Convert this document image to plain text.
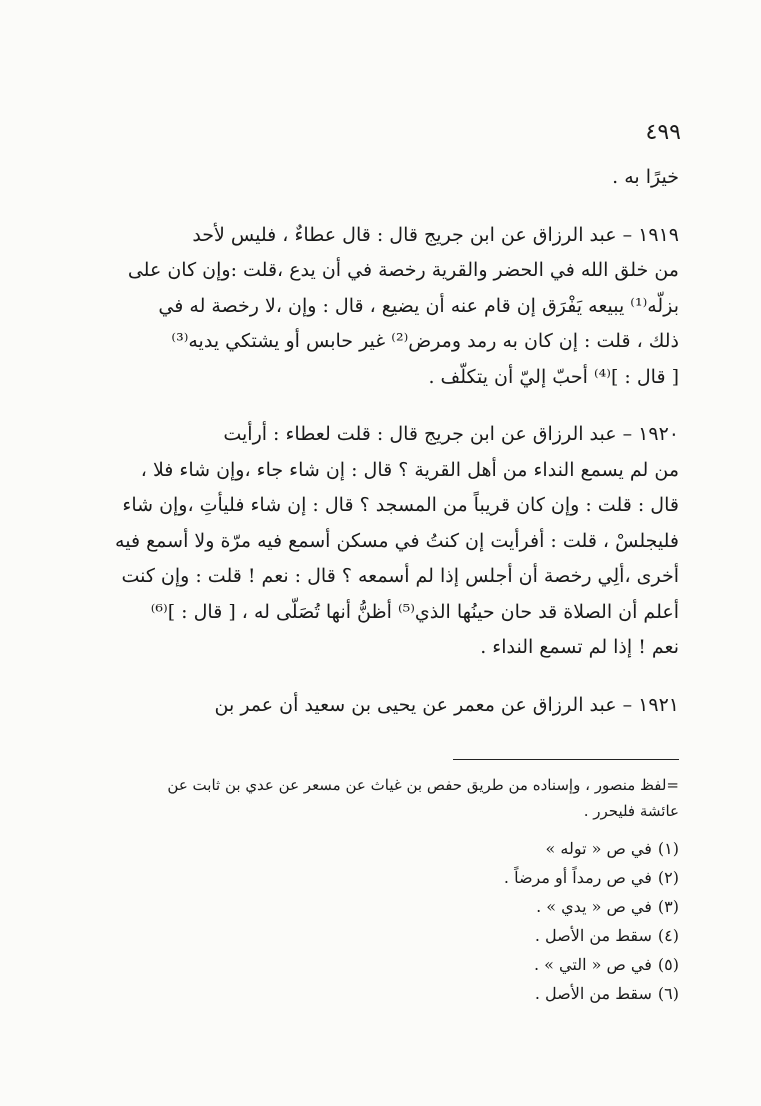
٤٩٩

خيرًا به .

١٩١٩ – عبد الرزاق عن ابن جريج قال : قال عطاءٌ ، فليس لأحد
من خلق الله في الحضر والقرية رخصة في أن يدع ،قلت :وإن كان على
بزلّه⁽¹⁾ يبيعه يَفْرَق إن قام عنه أن يضيع ، قال : وإن ،لا رخصة له في
ذلك ، قلت : إن كان به رمد ومرض⁽²⁾ غير حابس أو يشتكي يديه⁽³⁾
[ قال : ]⁽⁴⁾ أحبّ إليّ أن يتكلّف .

١٩٢٠ – عبد الرزاق عن ابن جريج قال : قلت لعطاء : أرأيت
من لم يسمع النداء من أهل القرية ؟ قال : إن شاء جاء ،وإن شاء فلا ،
قال : قلت : وإن كان قريباً من المسجد ؟ قال : إن شاء فليأتِ ،وإن شاء
فليجلسْ ، قلت : أفرأيت إن كنتُ في مسكن أسمع فيه مرّة ولا أسمع فيه
أخرى ،ألِي رخصة أن أجلس إذا لم أسمعه ؟ قال : نعم ! قلت : وإن كنت
أعلم أن الصلاة قد حان حينُها الذي⁽⁵⁾ أظنُّ أنها تُصَلّى له ، [ قال : ]⁽⁶⁾
نعم ! إذا لم تسمع النداء .

١٩٢١ – عبد الرزاق عن معمر عن يحيى بن سعيد أن عمر بن

=لفظ منصور ، وإسناده من طريق حفص بن غياث عن مسعر عن عدي بن ثابت عن
عائشة فليحرر .

(١)في ص « توله »
(٢)في ص رمداً أو مرضاً .
(٣)في ص « يدي » .
(٤)سقط من الأصل .
(٥)في ص « التي » .
(٦)سقط من الأصل .
